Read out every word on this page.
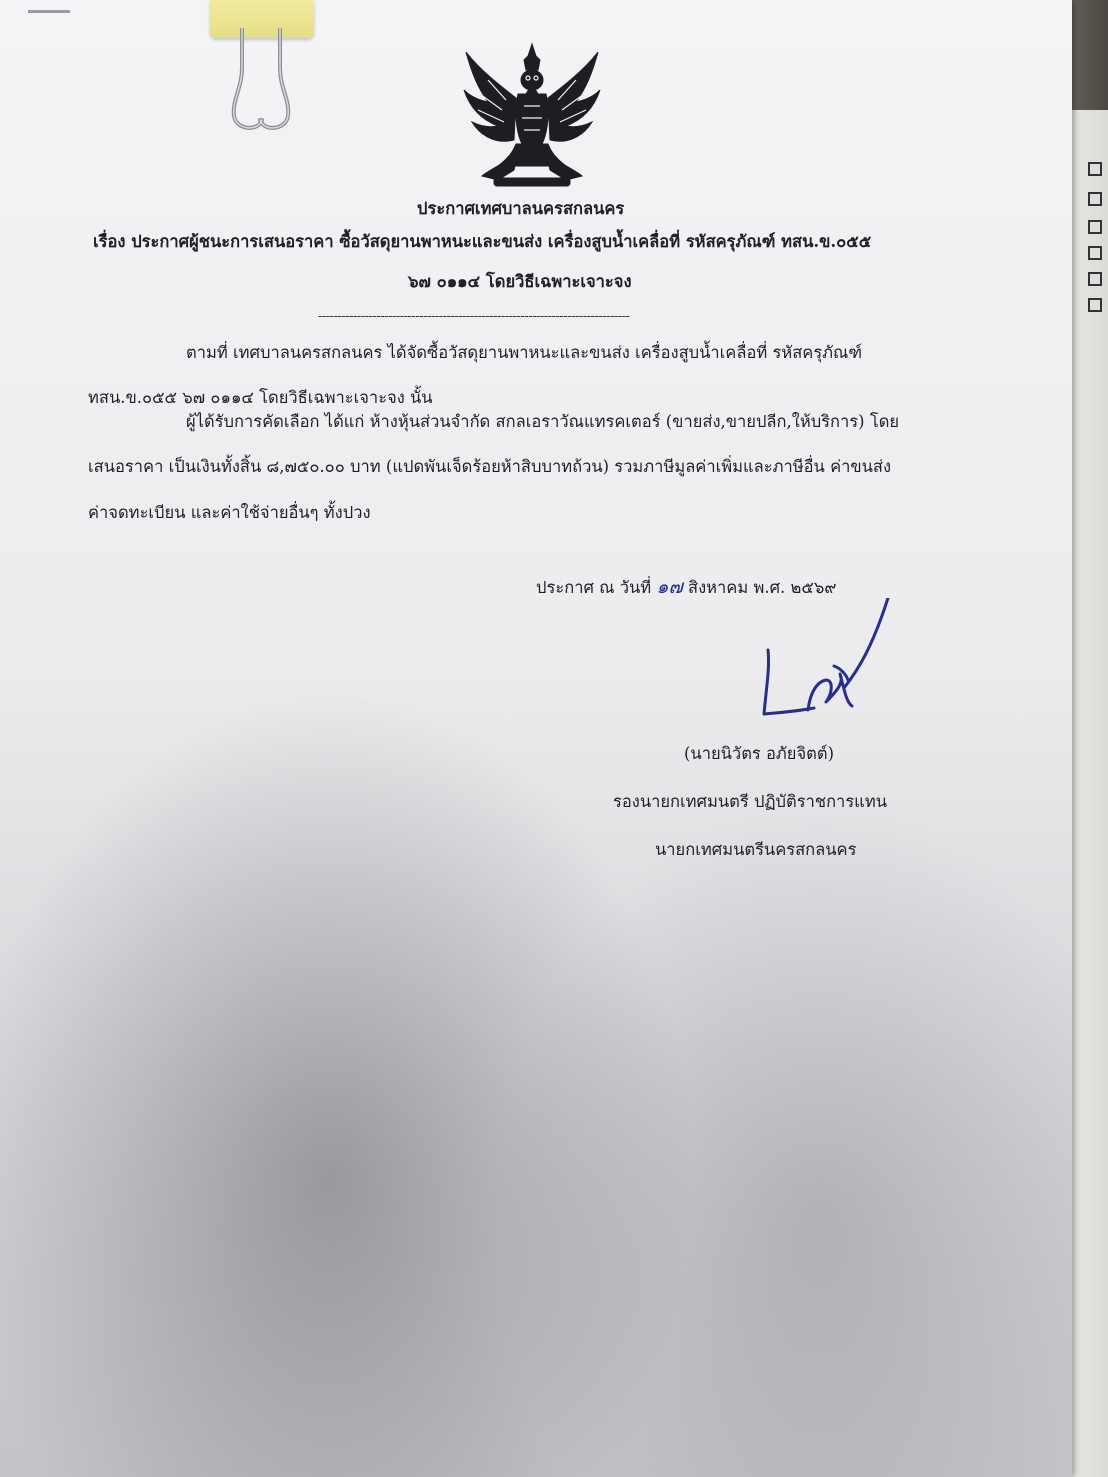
ประกาศเทศบาลนครสกลนคร
เรื่อง ประกาศผู้ชนะการเสนอราคา ซื้อวัสดุยานพาหนะและขนส่ง เครื่องสูบน้ำเคลื่อที่ รหัสครุภัณฑ์ ทสน.ข.๐๕๕
๖๗ ๐๑๑๔ โดยวิธีเฉพาะเจาะจง
--------------------------------------------------------------------------------
ตามที่ เทศบาลนครสกลนคร ได้จัดซื้อวัสดุยานพาหนะและขนส่ง เครื่องสูบน้ำเคลื่อที่ รหัสครุภัณฑ์
ทสน.ข.๐๕๕ ๖๗ ๐๑๑๔ โดยวิธีเฉพาะเจาะจง นั้น
ผู้ได้รับการคัดเลือก ได้แก่ ห้างหุ้นส่วนจำกัด สกลเอราวัณแทรคเตอร์ (ขายส่ง,ขายปลีก,ให้บริการ) โดย
เสนอราคา เป็นเงินทั้งสิ้น ๘,๗๕๐.๐๐ บาท (แปดพันเจ็ดร้อยห้าสิบบาทถ้วน) รวมภาษีมูลค่าเพิ่มและภาษีอื่น ค่าขนส่ง
ค่าจดทะเบียน และค่าใช้จ่ายอื่นๆ ทั้งปวง
ประกาศ ณ วันที่ ๑๗ สิงหาคม พ.ศ. ๒๕๖๙
(นายนิวัตร อภัยจิตต์)
รองนายกเทศมนตรี ปฏิบัติราชการแทน
นายกเทศมนตรีนครสกลนคร
